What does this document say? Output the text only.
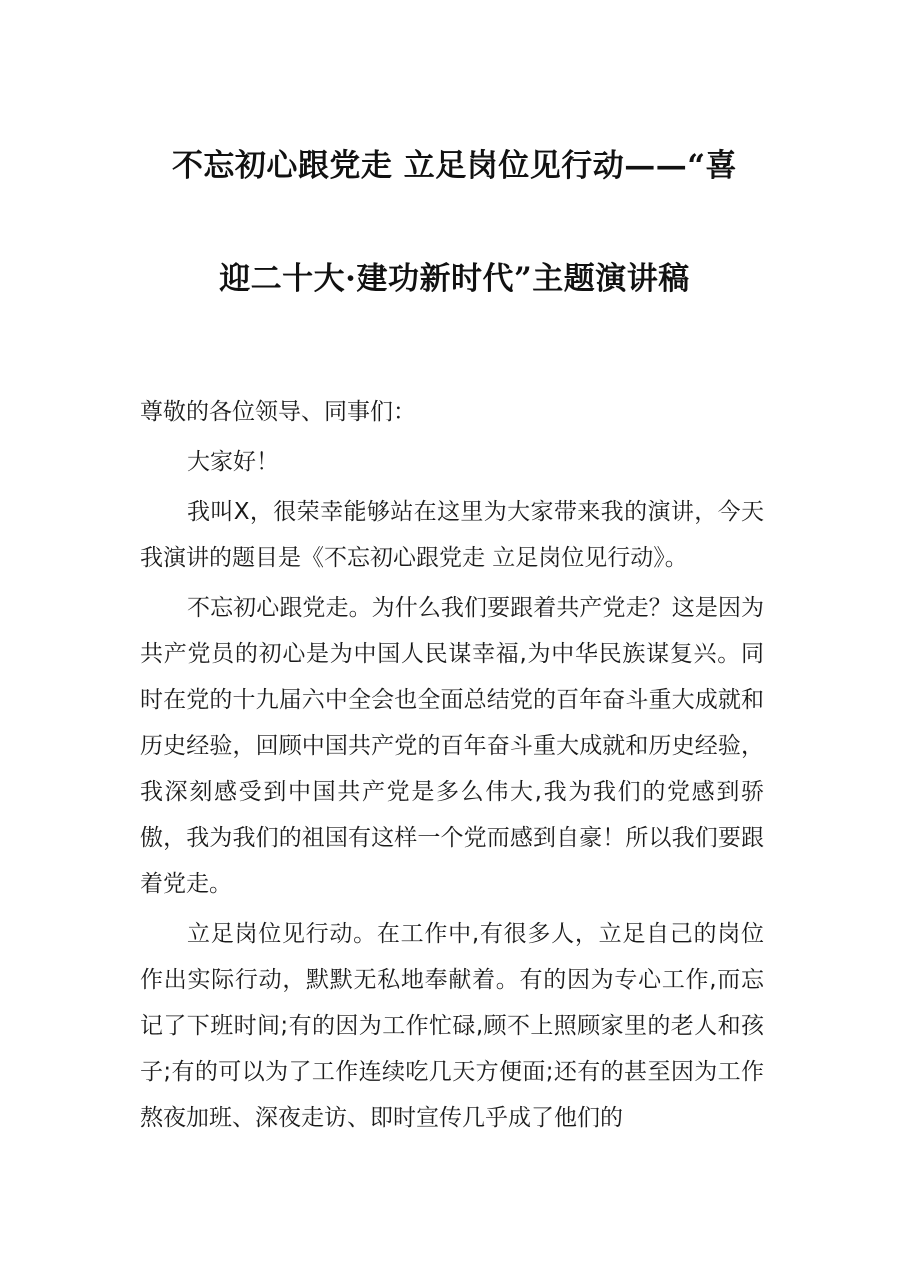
不忘初心跟党走 立足岗位见行动——“喜
迎二十大·建功新时代”主题演讲稿

尊敬的各位领导、同事们：

大家好！

我叫X，很荣幸能够站在这里为大家带来我的演讲，今天我演讲的题目是《不忘初心跟党走 立足岗位见行动》。

不忘初心跟党走。为什么我们要跟着共产党走？这是因为共产党员的初心是为中国人民谋幸福,为中华民族谋复兴。同时在党的十九届六中全会也全面总结党的百年奋斗重大成就和历史经验，回顾中国共产党的百年奋斗重大成就和历史经验，我深刻感受到中国共产党是多么伟大,我为我们的党感到骄傲，我为我们的祖国有这样一个党而感到自豪！所以我们要跟着党走。

立足岗位见行动。在工作中,有很多人，立足自己的岗位作出实际行动，默默无私地奉献着。有的因为专心工作,而忘记了下班时间;有的因为工作忙碌,顾不上照顾家里的老人和孩子;有的可以为了工作连续吃几天方便面;还有的甚至因为工作熬夜加班、深夜走访、即时宣传几乎成了他们的
